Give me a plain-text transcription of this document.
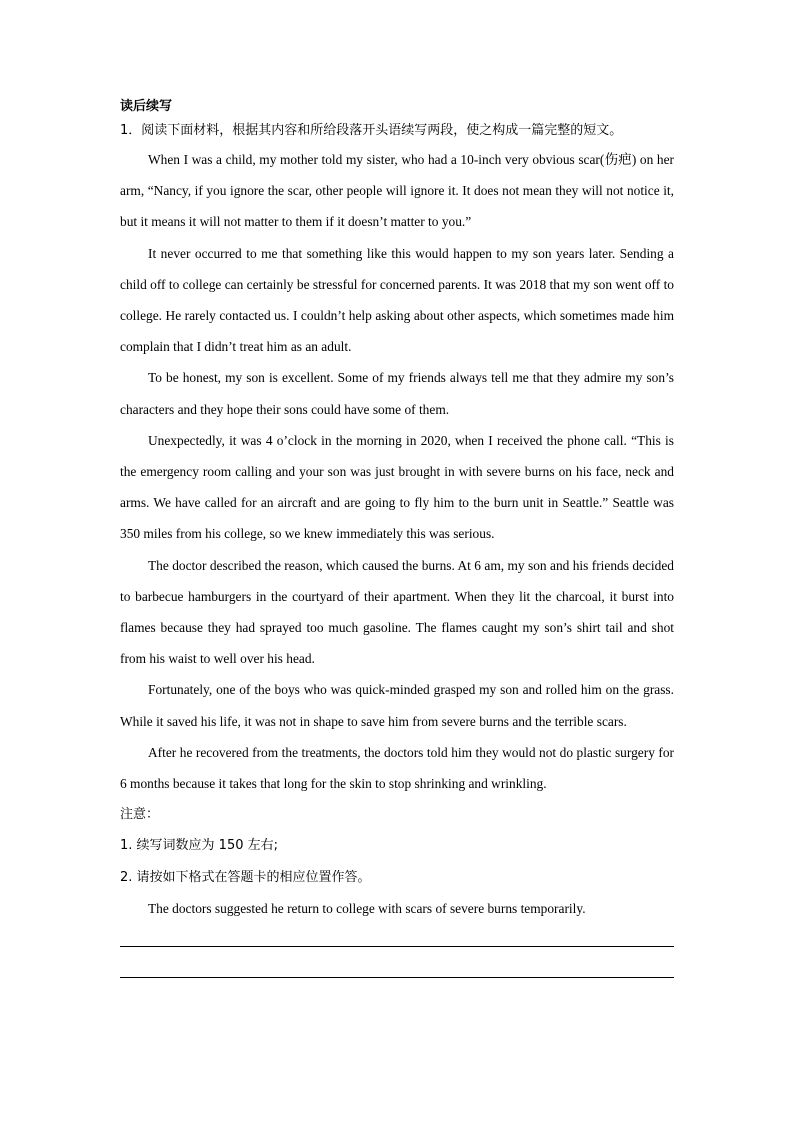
读后续写

1．阅读下面材料，根据其内容和所给段落开头语续写两段，使之构成一篇完整的短文。

When I was a child, my mother told my sister, who had a 10-inch very obvious scar(伤疤) on her arm, “Nancy, if you ignore the scar, other people will ignore it. It does not mean they will not notice it, but it means it will not matter to them if it doesn’t matter to you.”

It never occurred to me that something like this would happen to my son years later. Sending a child off to college can certainly be stressful for concerned parents. It was 2018 that my son went off to college. He rarely contacted us. I couldn’t help asking about other aspects, which sometimes made him complain that I didn’t treat him as an adult.

To be honest, my son is excellent. Some of my friends always tell me that they admire my son’s characters and they hope their sons could have some of them.

Unexpectedly, it was 4 o’clock in the morning in 2020, when I received the phone call. “This is the emergency room calling and your son was just brought in with severe burns on his face, neck and arms. We have called for an aircraft and are going to fly him to the burn unit in Seattle.” Seattle was 350 miles from his college, so we knew immediately this was serious.

The doctor described the reason, which caused the burns. At 6 am, my son and his friends decided to barbecue hamburgers in the courtyard of their apartment. When they lit the charcoal, it burst into flames because they had sprayed too much gasoline. The flames caught my son’s shirt tail and shot from his waist to well over his head.

Fortunately, one of the boys who was quick-minded grasped my son and rolled him on the grass. While it saved his life, it was not in shape to save him from severe burns and the terrible scars.

After he recovered from the treatments, the doctors told him they would not do plastic surgery for 6 months because it takes that long for the skin to stop shrinking and wrinkling.

注意：

1. 续写词数应为 150 左右;

2. 请按如下格式在答题卡的相应位置作答。

The doctors suggested he return to college with scars of severe burns temporarily.
